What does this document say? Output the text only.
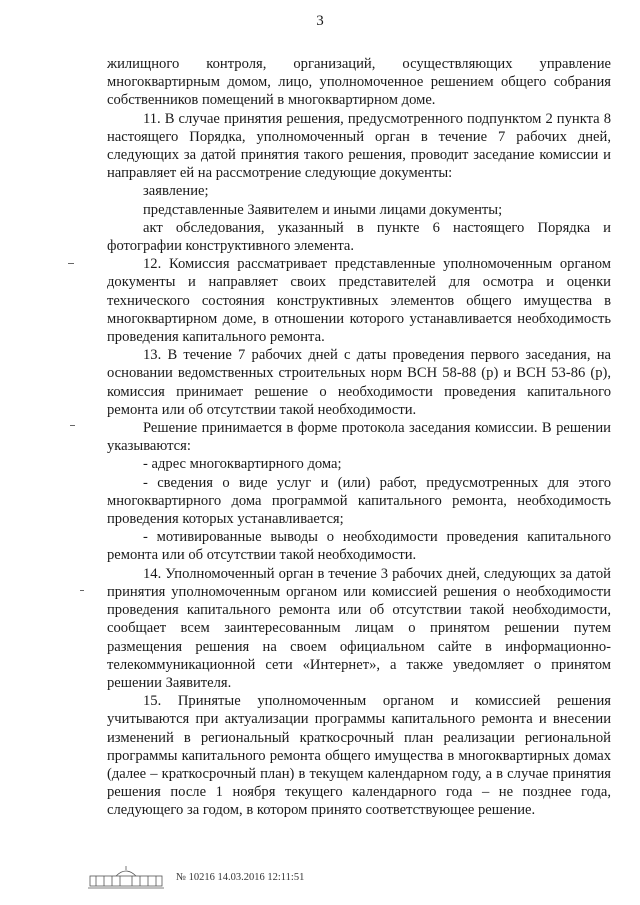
3

жилищного контроля, организаций, осуществляющих управление многоквартирным домом, лицо, уполномоченное решением общего собрания собственников помещений в многоквартирном доме.

11. В случае принятия решения, предусмотренного подпунктом 2 пункта 8 настоящего Порядка, уполномоченный орган в течение 7 рабочих дней, следующих за датой принятия такого решения, проводит заседание комиссии и направляет ей на рассмотрение следующие документы:

заявление;

представленные Заявителем и иными лицами документы;

акт обследования, указанный в пункте 6 настоящего Порядка и фотографии конструктивного элемента.

12. Комиссия рассматривает представленные уполномоченным органом документы и направляет своих представителей для осмотра и оценки технического состояния конструктивных элементов общего имущества в многоквартирном доме, в отношении которого устанавливается необходимость проведения капитального ремонта.

13. В течение 7 рабочих дней с даты проведения первого заседания, на основании ведомственных строительных норм ВСН 58-88 (р) и ВСН 53-86 (р), комиссия принимает решение о необходимости проведения капитального ремонта или об отсутствии такой необходимости.

Решение принимается в форме протокола заседания комиссии. В решении указываются:

- адрес многоквартирного дома;

- сведения о виде услуг и (или) работ, предусмотренных для этого многоквартирного дома программой капитального ремонта, необходимость проведения которых устанавливается;

- мотивированные выводы о необходимости проведения капитального ремонта или об отсутствии такой необходимости.

14. Уполномоченный орган в течение 3 рабочих дней, следующих за датой принятия уполномоченным органом или комиссией решения о необходимости проведения капитального ремонта или об отсутствии такой необходимости, сообщает всем заинтересованным лицам о принятом решении путем размещения решения на своем официальном сайте в информационно-телекоммуникационной сети «Интернет», а также уведомляет о принятом решении Заявителя.

15. Принятые уполномоченным органом и комиссией решения учитываются при актуализации программы капитального ремонта и внесении изменений в региональный краткосрочный план реализации региональной программы капитального ремонта общего имущества в многоквартирных домах (далее – краткосрочный план) в текущем календарном году, а в случае принятия решения после 1 ноября текущего календарного года – не позднее года, следующего за годом, в котором принято соответствующее решение.

№ 10216 14.03.2016 12:11:51
